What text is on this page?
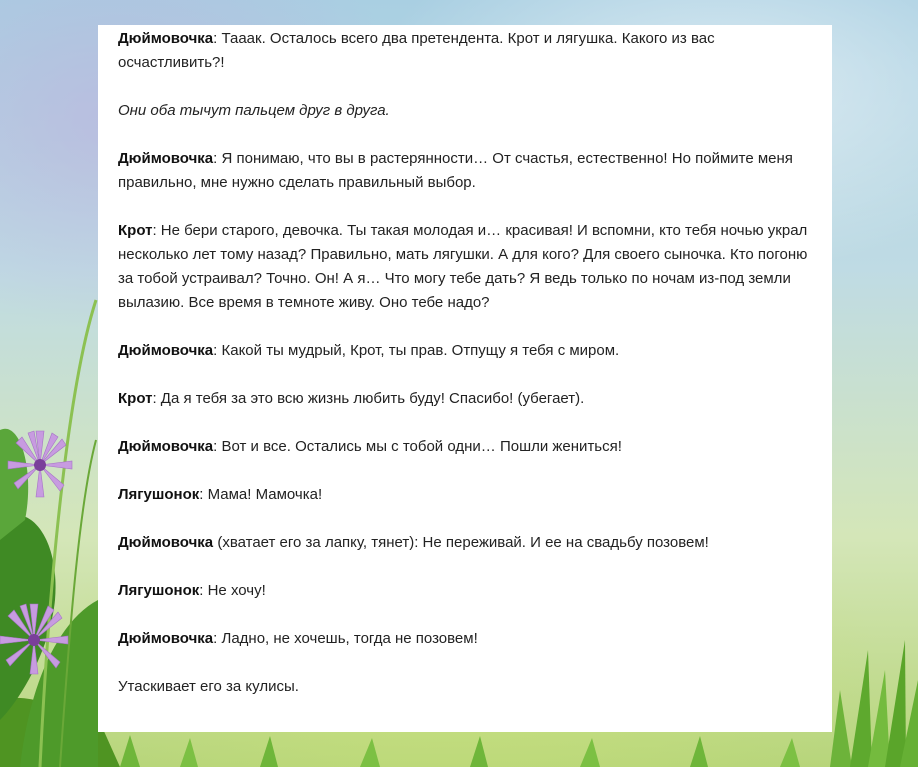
Дюймовочка: Тааак. Осталось всего два претендента. Крот и лягушка. Какого из вас осчастливить?!

Они оба тычут пальцем друг в друга.

Дюймовочка: Я понимаю, что вы в растерянности… От счастья, естественно! Но поймите меня правильно, мне нужно сделать правильный выбор.

Крот: Не бери старого, девочка. Ты такая молодая и… красивая! И вспомни, кто тебя ночью украл несколько лет тому назад? Правильно, мать лягушки. А для кого? Для своего сыночка. Кто погоню за тобой устраивал? Точно. Он! А я… Что могу тебе дать? Я ведь только по ночам из-под земли вылазию. Все время в темноте живу. Оно тебе надо?

Дюймовочка: Какой ты мудрый, Крот, ты прав. Отпущу я тебя с миром.

Крот: Да я тебя за это всю жизнь любить буду! Спасибо! (убегает).

Дюймовочка: Вот и все. Остались мы с тобой одни… Пошли жениться!

Лягушонок: Мама! Мамочка!

Дюймовочка (хватает его за лапку, тянет): Не переживай. И ее на свадьбу позовем!

Лягушонок: Не хочу!

Дюймовочка: Ладно, не хочешь, тогда не позовем!

Утаскивает его за кулисы.
